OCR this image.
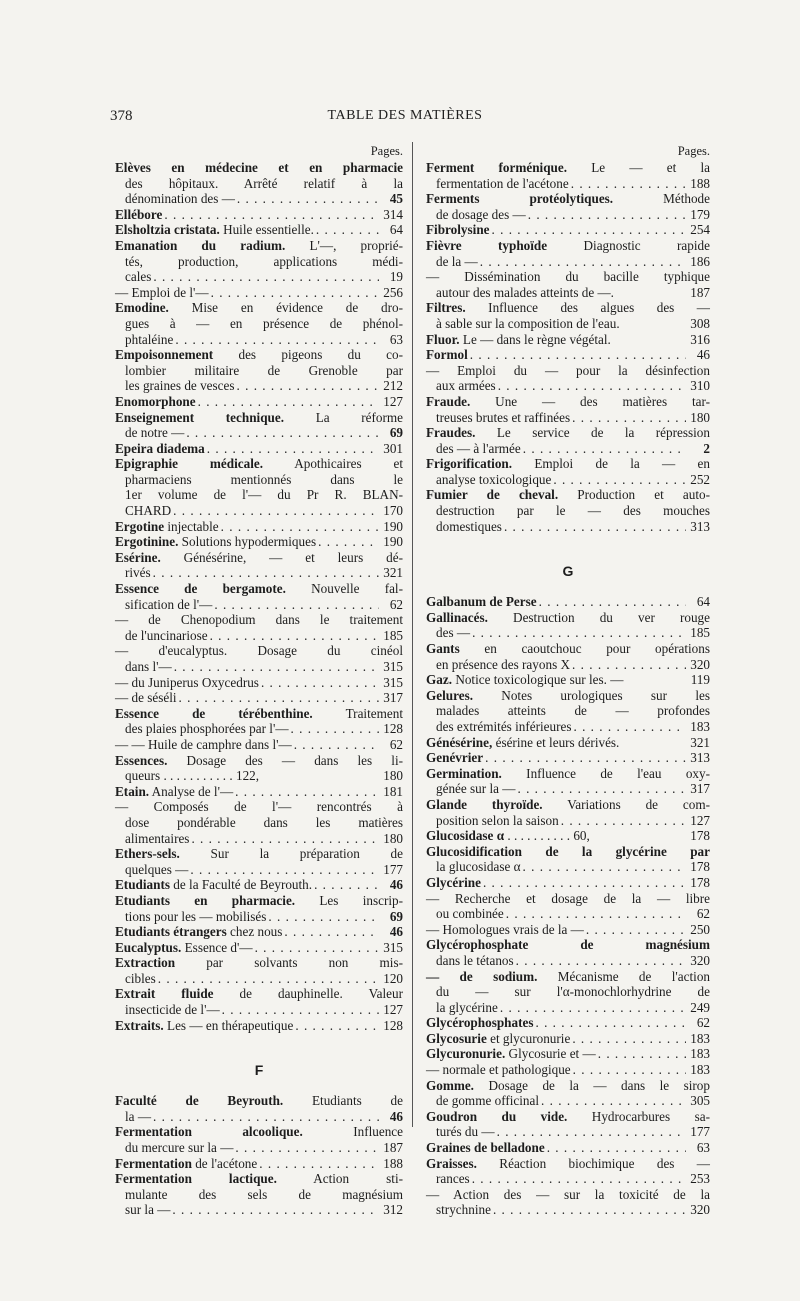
378	TABLE DES MATIÈRES
Pages.
Elèves en médecine et en pharmacie
des hôpitaux. Arrêté relatif à la
dénomination des — . . .	45
Ellébore . . .	314
Elsholtzia cristata. Huile essentielle. . . .	64
Emanation du radium. L'—, proprié-
tés, production, applications médi-
cales . . .	19
— Emploi de l'— . . .	256
Emodine. Mise en évidence de dro-
gues à — en présence de phénol-
phtaléine . . .	63
Empoisonnement des pigeons du co-
lombier militaire de Grenoble par
les graines de vesces . . .	212
Enomorphone . . .	127
Enseignement technique. La réforme
de notre — . . .	69
Epeira diadema . . .	301
Epigraphie médicale. Apothicaires et
pharmaciens mentionnés dans le
1er volume de l'— du Pr R. BLAN-
CHARD . . .	170
Ergotine injectable . . .	190
Ergotinine. Solutions hypodermiques . . .	190
Esérine. Génésérine, — et leurs dé-
rivés . . .	321
Essence de bergamote. Nouvelle fal-
sification de l'— . . .	62
— de Chenopodium dans le traitement
de l'uncinariose . . .	185
— d'eucalyptus. Dosage du cinéol
dans l'— . . .	315
— du Juniperus Oxycedrus . . .	315
— de séséli . . .	317
Essence de térébenthine. Traitement
des plaies phosphorées par l'— . . .	128
— — Huile de camphre dans l'— . . .	62
Essences. Dosage des — dans les li-
queurs . . . . . . . . . . . 122,	180
Etain. Analyse de l'— . . .	181
— Composés de l'— rencontrés à
dose pondérable dans les matières
alimentaires . . .	180
Ethers-sels. Sur la préparation de
quelques — . . .	177
Etudiants de la Faculté de Beyrouth. . . .	46
Etudiants en pharmacie. Les inscrip-
tions pour les — mobilisés . . .	69
Etudiants étrangers chez nous . . .	46
Eucalyptus. Essence d'— . . .	315
Extraction par solvants non mis-
cibles . . .	120
Extrait fluide de dauphinelle. Valeur
insecticide de l'— . . .	127
Extraits. Les — en thérapeutique . . .	128
F
Faculté de Beyrouth. Etudiants de
la — . . .	46
Fermentation alcoolique. Influence
du mercure sur la — . . .	187
Fermentation de l'acétone . . .	188
Fermentation lactique. Action sti-
mulante des sels de magnésium
sur la — . . .	312
Pages.
Ferment forménique. Le — et la
fermentation de l'acétone . . .	188
Ferments protéolytiques. Méthode
de dosage des — . . .	179
Fibrolysine . . .	254
Fièvre typhoïde Diagnostic rapide
de la — . . .	186
— Dissémination du bacille typhique
autour des malades atteints de —.	187
Filtres. Influence des algues des —
à sable sur la composition de l'eau.	308
Fluor. Le — dans le règne végétal.	316
Formol . . .	46
— Emploi du — pour la désinfection
aux armées . . .	310
Fraude. Une — des matières tar-
treuses brutes et raffinées . . .	180
Fraudes. Le service de la répression
des — à l'armée . . .	2
Frigorification. Emploi de la — en
analyse toxicologique . . .	252
Fumier de cheval. Production et auto-
destruction par le — des mouches
domestiques . . .	313
G
Galbanum de Perse . . .	64
Gallinacés. Destruction du ver rouge
des — . . .	185
Gants en caoutchouc pour opérations
en présence des rayons X . . .	320
Gaz. Notice toxicologique sur les. —	119
Gelures. Notes urologiques sur les
malades atteints de — profondes
des extrémités inférieures . . .	183
Génésérine, ésérine et leurs dérivés.	321
Genévrier . . .	313
Germination. Influence de l'eau oxy-
génée sur la — . . .	317
Glande thyroïde. Variations de com-
position selon la saison . . .	127
Glucosidase α . . . . . . . . . . 60,	178
Glucosidification de la glycérine par
la glucosidase α . . .	178
Glycérine . . .	178
— Recherche et dosage de la — libre
ou combinée . . .	62
— Homologues vrais de la — . . .	250
Glycérophosphate de magnésium
dans le tétanos . . .	320
— de sodium. Mécanisme de l'action
du — sur l'α-monochlorhydrine de
la glycérine . . .	249
Glycérophosphates . . .	62
Glycosurie et glycuronurie . . .	183
Glycuronurie. Glycosurie et — . . .	183
— normale et pathologique . . .	183
Gomme. Dosage de la — dans le sirop
de gomme officinal . . .	305
Goudron du vide. Hydrocarbures sa-
turés du — . . .	177
Graines de belladone . . .	63
Graisses. Réaction biochimique des —
rances . . .	253
— Action des — sur la toxicité de la
strychnine . . .	320
